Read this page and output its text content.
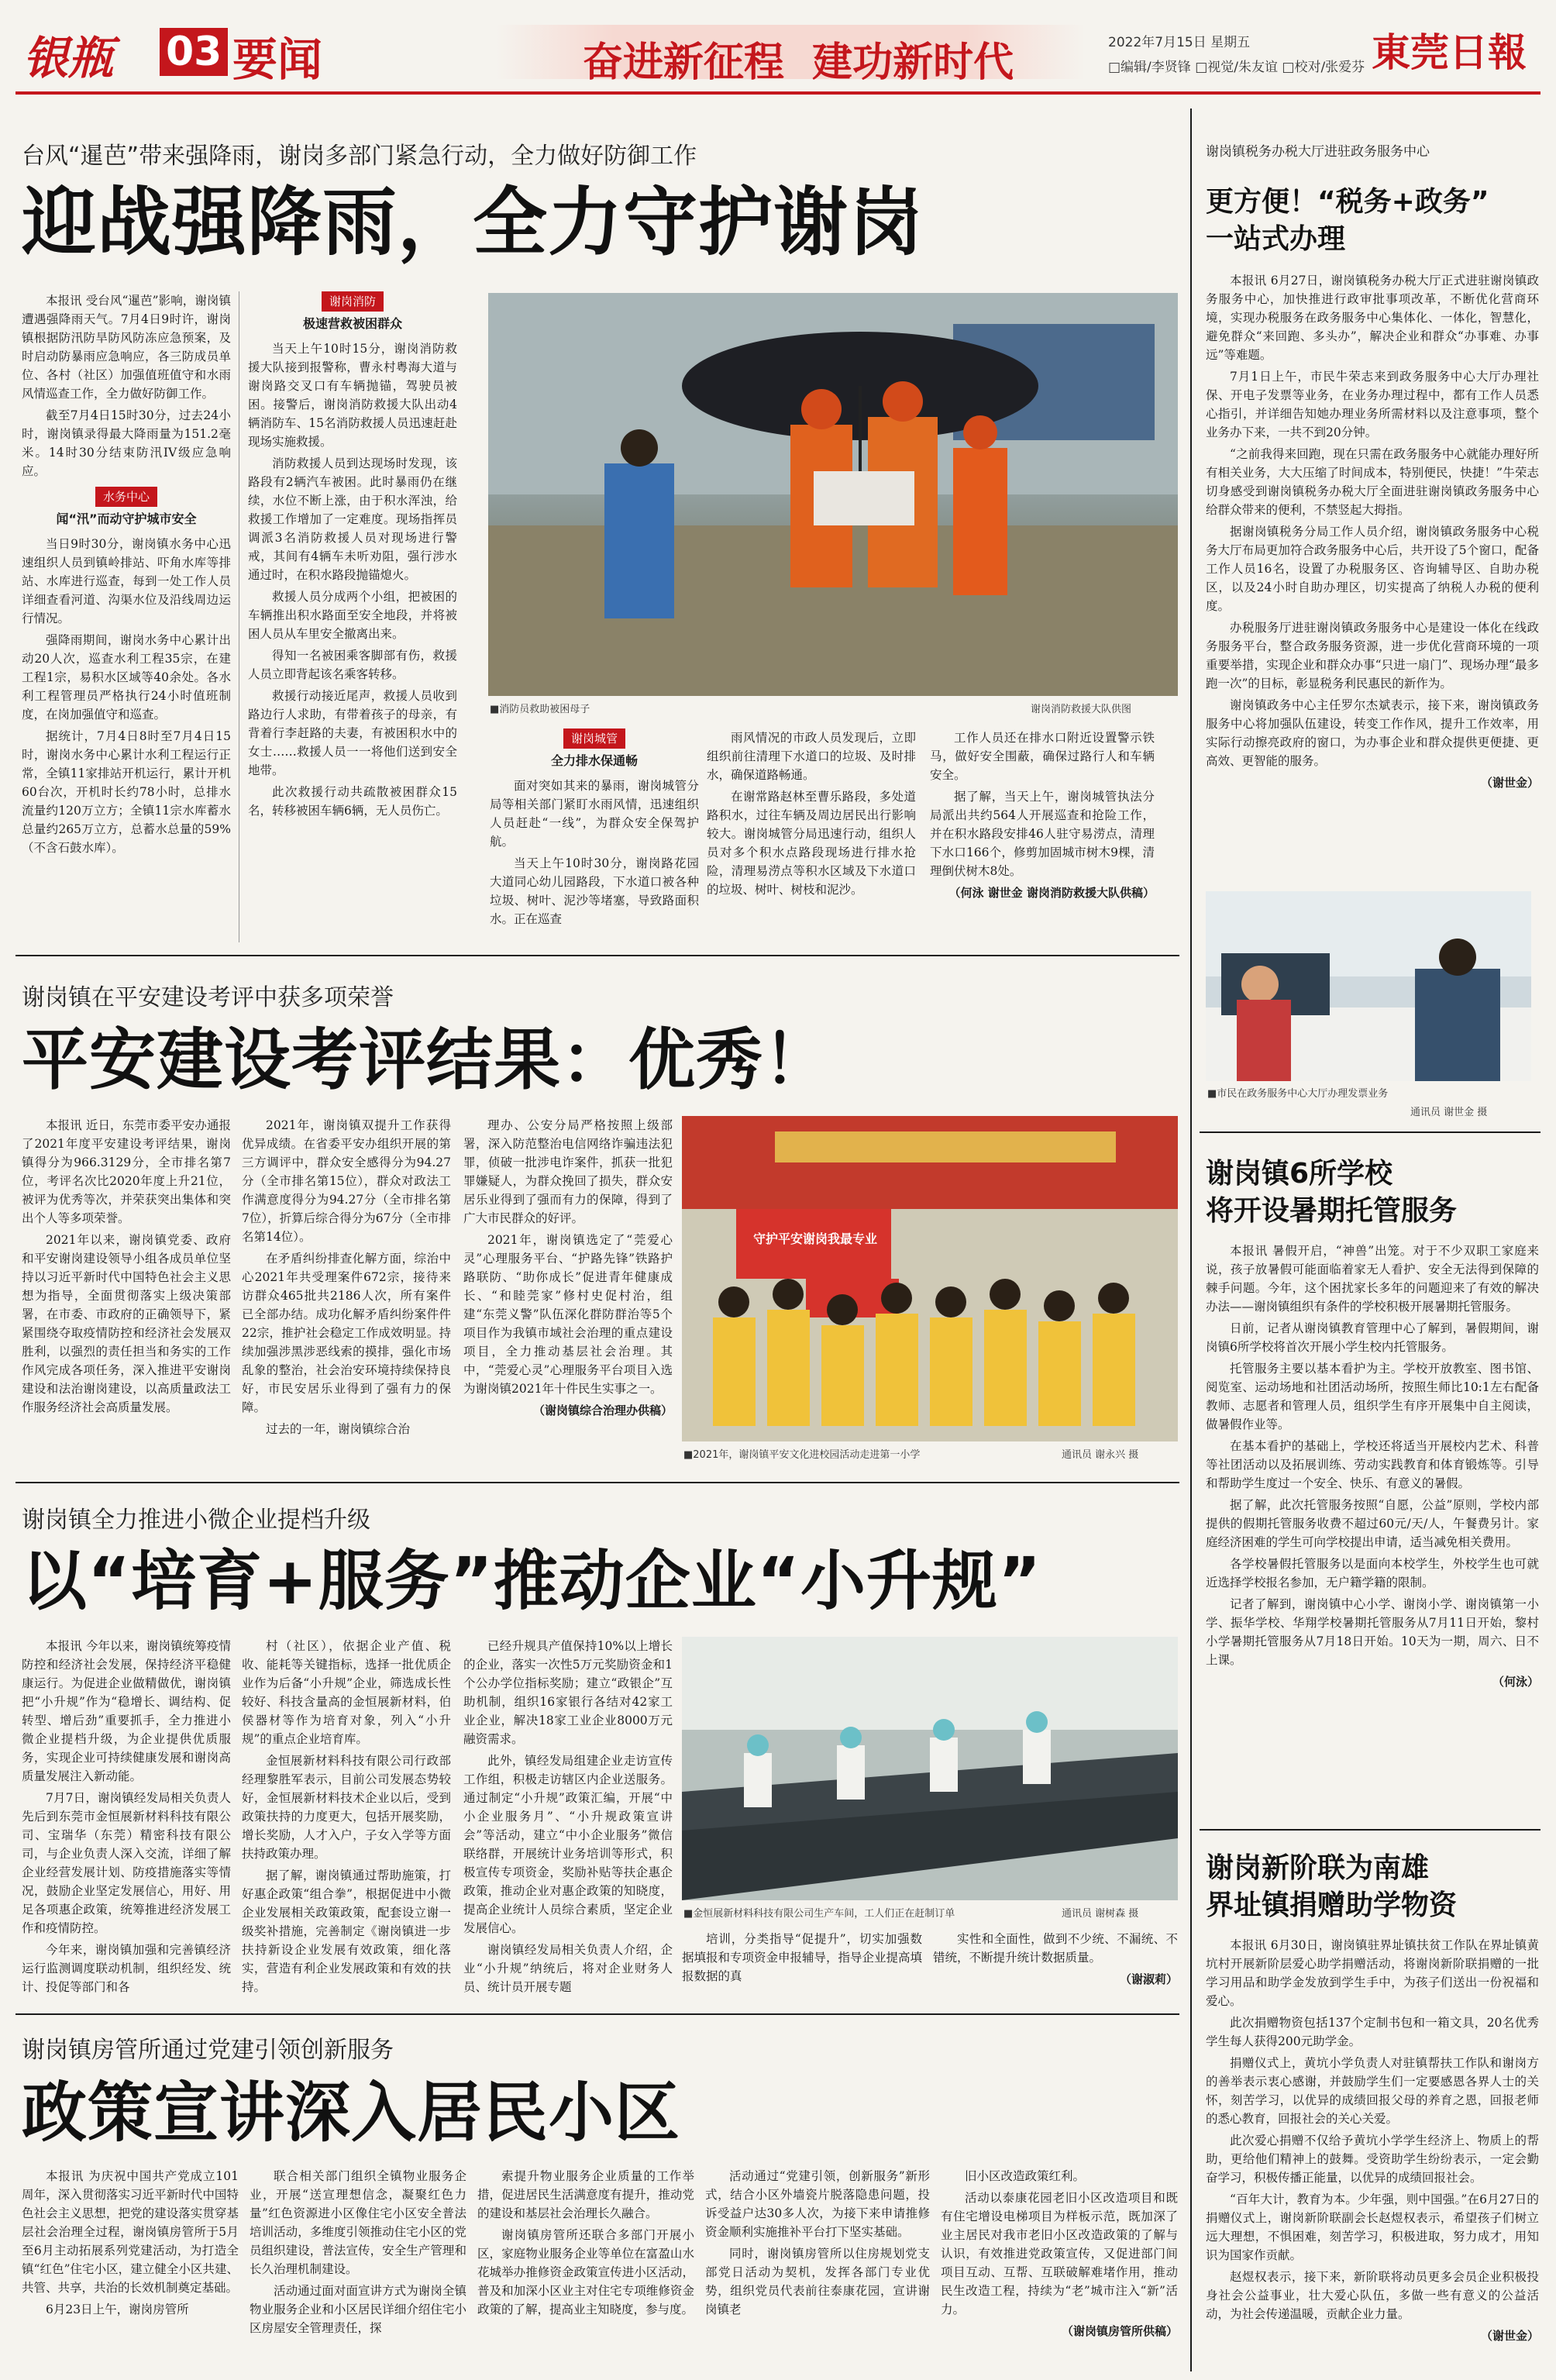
银瓶 03 要闻	奋进新征程  建功新时代	2022年7月15日 星期五
□编辑/李贤锋 □视觉/朱友谊 □校对/张爱芬 東莞日報
台风“暹芭”带来强降雨，谢岗多部门紧急行动，全力做好防御工作
迎战强降雨，全力守护谢岗

本报讯 受台风“暹芭”影响，谢岗镇遭遇强降雨天气。7月4日9时许，谢岗镇根据防汛防旱防风防冻应急预案，及时启动防暴雨应急响应，各三防成员单位、各村（社区）加强值班值守和水雨风情巡查工作，全力做好防御工作。

截至7月4日15时30分，过去24小时，谢岗镇录得最大降雨量为151.2毫米。14时30分结束防汛IV级应急响应。

水务中心
闻“汛”而动守护城市安全

当日9时30分，谢岗镇水务中心迅速组织人员到镇岭排站、吓角水库等排站、水库进行巡查，每到一处工作人员详细查看河道、沟渠水位及沿线周边运行情况。

强降雨期间，谢岗水务中心累计出动20人次，巡查水利工程35宗，在建工程1宗，易积水区域等40余处。各水利工程管理员严格执行24小时值班制度，在岗加强值守和巡查。

据统计，7月4日8时至7月4日15时，谢岗水务中心累计水利工程运行正常，全镇11家排站开机运行，累计开机60台次，开机时长约78小时，总排水流量约120万立方；全镇11宗水库蓄水总量约265万立方，总蓄水总量的59%（不含石鼓水库）。

谢岗消防
极速营救被困群众

当天上午10时15分，谢岗消防救援大队接到报警称，曹永村粤海大道与谢岗路交叉口有车辆抛锚，驾驶员被困。接警后，谢岗消防救援大队出动4辆消防车、15名消防救援人员迅速赶赴现场实施救援。

消防救援人员到达现场时发现，该路段有2辆汽车被困。此时暴雨仍在继续，水位不断上涨，由于积水浑浊，给救援工作增加了一定难度。现场指挥员调派3名消防救援人员对现场进行警戒，其间有4辆车未听劝阻，强行涉水通过时，在积水路段抛锚熄火。

救援人员分成两个小组，把被困的车辆推出积水路面至安全地段，并将被困人员从车里安全撤离出来。

得知一名被困乘客脚部有伤，救援人员立即背起该名乘客转移。

救援行动接近尾声，救援人员收到路边行人求助，有带着孩子的母亲，有背着行李赶路的夫妻，有被困积水中的女士……救援人员一一将他们送到安全地带。

此次救援行动共疏散被困群众15名，转移被困车辆6辆，无人员伤亡。

■消防员救助被困母子	谢岗消防救援大队供图
谢岗城管
全力排水保通畅

面对突如其来的暴雨，谢岗城管分局等相关部门紧盯水雨风情，迅速组织人员赶赴“一线”，为群众安全保驾护航。

当天上午10时30分，谢岗路花园大道同心幼儿园路段，下水道口被各种垃圾、树叶、泥沙等堵塞，导致路面积水。正在巡查

雨风情况的市政人员发现后，立即组织前往清理下水道口的垃圾、及时排水，确保道路畅通。

在谢常路赵林至曹乐路段，多处道路积水，过往车辆及周边居民出行影响较大。谢岗城管分局迅速行动，组织人员对多个积水点路段现场进行排水抢险，清理易涝点等积水区域及下水道口的垃圾、树叶、树枝和泥沙。

工作人员还在排水口附近设置警示铁马，做好安全围蔽，确保过路行人和车辆安全。

据了解，当天上午，谢岗城管执法分局派出共约564人开展巡查和抢险工作，并在积水路段安排46人驻守易涝点，清理下水口166个，修剪加固城市树木9棵，清理倒伏树木8处。

（何泳 谢世金 谢岗消防救援大队供稿）
谢岗镇在平安建设考评中获多项荣誉
平安建设考评结果：优秀！

本报讯 近日，东莞市委平安办通报了2021年度平安建设考评结果，谢岗镇得分为966.3129分，全市排名第7位，考评名次比2020年度上升21位，被评为优秀等次，并荣获突出集体和突出个人等多项荣誉。

2021年以来，谢岗镇党委、政府和平安谢岗建设领导小组各成员单位坚持以习近平新时代中国特色社会主义思想为指导，全面贯彻落实上级决策部署，在市委、市政府的正确领导下，紧紧围绕夺取疫情防控和经济社会发展双胜利，以强烈的责任担当和务实的工作作风完成各项任务，深入推进平安谢岗建设和法治谢岗建设，以高质量政法工作服务经济社会高质量发展。

2021年，谢岗镇双提升工作获得优异成绩。在省委平安办组织开展的第三方调评中，群众安全感得分为94.27分（全市排名第15位），群众对政法工作满意度得分为94.27分（全市排名第7位），折算后综合得分为67分（全市排名第14位）。

在矛盾纠纷排查化解方面，综治中心2021年共受理案件672宗，接待来访群众465批共2186人次，所有案件已全部办结。成功化解矛盾纠纷案件件22宗，推护社会稳定工作成效明显。持续加强涉黑涉恶线索的摸排，强化市场乱象的整治，社会治安环境持续保持良好，市民安居乐业得到了强有力的保障。

过去的一年，谢岗镇综合治

理办、公安分局严格按照上级部署，深入防范整治电信网络诈骗违法犯罪，侦破一批涉电诈案件，抓获一批犯罪嫌疑人，为群众挽回了损失，群众安居乐业得到了强而有力的保障，得到了广大市民群众的好评。

2021年，谢岗镇选定了“莞爱心灵”心理服务平台、“护路先锋”铁路护路联防、“助你成长”促进青年健康成长、“和睦莞家”修村史促村治，组建“东莞义警”队伍深化群防群治等5个项目作为我镇市域社会治理的重点建设项目，全力推动基层社会治理。其中，“莞爱心灵”心理服务平台项目入选为谢岗镇2021年十件民生实事之一。

（谢岗镇综合治理办供稿）
守护平安谢岗我最专业
■2021年，谢岗镇平安文化进校园活动走进第一小学	通讯员 谢永兴 摄
谢岗镇全力推进小微企业提档升级
以“培育+服务”推动企业“小升规”

本报讯 今年以来，谢岗镇统筹疫情防控和经济社会发展，保持经济平稳健康运行。为促进企业做精做优，谢岗镇把“小升规”作为“稳增长、调结构、促转型、增后劲”重要抓手，全力推进小微企业提档升级，为企业提供优质服务，实现企业可持续健康发展和谢岗高质量发展注入新动能。

7月7日，谢岗镇经发局相关负责人先后到东莞市金恒展新材料科技有限公司、宝瑞华（东莞）精密科技有限公司，与企业负责人深入交流，详细了解企业经营发展计划、防疫措施落实等情况，鼓励企业坚定发展信心，用好、用足各项惠企政策，统筹推进经济发展工作和疫情防控。

今年来，谢岗镇加强和完善镇经济运行监测调度联动机制，组织经发、统计、投促等部门和各

村（社区），依据企业产值、税收、能耗等关键指标，选择一批优质企业作为后备“小升规”企业，筛选成长性较好、科技含量高的金恒展新材料，伯侯器材等作为培育对象，列入“小升规”的重点企业培育库。

金恒展新材料科技有限公司行政部经理黎胜军表示，目前公司发展态势较好，金恒展新材料技术企业以后，受到政策扶持的力度更大，包括开展奖励，增长奖励，人才入户，子女入学等方面扶持政策办理。

据了解，谢岗镇通过帮助施策，打好惠企政策“组合拳”，根据促进中小微企业发展相关政策政策，配套设立谢一级奖补措施，完善制定《谢岗镇进一步扶持新设企业发展有效政策，细化落实，营造有利企业发展政策和有效的扶持。

已经升规具产值保持10%以上增长的企业，落实一次性5万元奖励资金和1个公办学位指标奖励；建立“政银企”互助机制，组织16家银行各结对42家工业企业，解决18家工业企业8000万元融资需求。

此外，镇经发局组建企业走访宣传工作组，积极走访辖区内企业送服务。通过制定“小升规”政策汇编，开展“中小企业服务月”、“小升规政策宣讲会”等活动，建立“中小企业服务”微信联络群，开展统计业务培训等形式，积极宣传专项资金，奖励补贴等扶企惠企政策，推动企业对惠企政策的知晓度，提高企业统计人员综合素质，坚定企业发展信心。

谢岗镇经发局相关负责人介绍，企业“小升规”纳统后，将对企业财务人员、统计员开展专题

■金恒展新材料科技有限公司生产车间，工人们正在赶制订单	通讯员 谢树森 摄

培训，分类指导“促提升”，切实加强数据填报和专项资金申报辅导，指导企业提高填报数据的真

实性和全面性，做到不少统、不漏统、不错统，不断提升统计数据质量。

（谢淑莉）
谢岗镇房管所通过党建引领创新服务
政策宣讲深入居民小区

本报讯 为庆祝中国共产党成立101周年，深入贯彻落实习近平新时代中国特色社会主义思想，把党的建设落实贯穿基层社会治理全过程，谢岗镇房管所于5月至6月主动拓展系列党建活动，为打造全镇“红色”住宅小区，建立健全小区共建、共管、共享，共治的长效机制奠定基础。

6月23日上午，谢岗房管所

联合相关部门组织全镇物业服务企业，开展“送宣理想信念，凝聚红色力量”红色资源进小区像住宅小区安全普法培训活动，多维度引领推动住宅小区的党员组织建设，普法宣传，安全生产管理和长久治理机制建设。

活动通过面对面宣讲方式为谢岗全镇物业服务企业和小区居民详细介绍住宅小区房屋安全管理责任，探

索提升物业服务企业质量的工作举措，促进居民生活满意度有提升，推动党的建设和基层社会治理长久融合。

谢岗镇房管所还联合多部门开展小区，家庭物业服务企业等单位在富盈山水花城举办推修资金政策宣传进小区活动，普及和加深小区业主对住宅专项维修资金政策的了解，提高业主知晓度，参与度。

活动通过“党建引领，创新服务”新形式，结合小区外墙瓷片脱落隐患问题，投诉受益户达30多人次，为接下来申请推修资金顺利实施推补平台打下坚实基础。

同时，谢岗镇房管所以住房规划党支部党日活动为契机，发挥各部门专业优势，组织党员代表前往泰康花园，宣讲谢岗镇老

旧小区改造政策红利。

活动以泰康花园老旧小区改造项目和既有住宅增设电梯项目为样板示范，既加深了业主居民对我市老旧小区改造政策的了解与认识，有效推进党政策宣传，又促进部门间项目互动、互帮、互联破解难堵作用，推动民生改造工程，持续为“老”城市注入“新”活力。

（谢岗镇房管所供稿）
谢岗镇税务办税大厅进驻政务服务中心
更方便！“税务+政务”
一站式办理

本报讯 6月27日，谢岗镇税务办税大厅正式进驻谢岗镇政务服务中心，加快推进行政审批事项改革，不断优化营商环境，实现办税服务在政务服务中心集体化、一体化，智慧化，避免群众“来回跑、多头办”，解决企业和群众“办事难、办事远”等难题。

7月1日上午，市民牛荣志来到政务服务中心大厅办理社保、开电子发票等业务，在业务办理过程中，都有工作人员悉心指引，并详细告知她办理业务所需材料以及注意事项，整个业务办下来，一共不到20分钟。

“之前我得来回跑，现在只需在政务服务中心就能办理好所有相关业务，大大压缩了时间成本，特别便民，快捷！”牛荣志切身感受到谢岗镇税务办税大厅全面进驻谢岗镇政务服务中心给群众带来的便利，不禁竖起大拇指。

据谢岗镇税务分局工作人员介绍，谢岗镇政务服务中心税务大厅布局更加符合政务服务中心后，共开设了5个窗口，配备工作人员16名，设置了办税服务区、咨询辅导区、自助办税区，以及24小时自助办理区，切实提高了纳税人办税的便利度。

办税服务厅进驻谢岗镇政务服务中心是建设一体化在线政务服务平台，整合政务服务资源，进一步优化营商环境的一项重要举措，实现企业和群众办事“只进一扇门”、现场办理“最多跑一次”的目标，彰显税务利民惠民的新作为。

谢岗镇政务中心主任罗尔杰斌表示，接下来，谢岗镇政务服务中心将加强队伍建设，转变工作作风，提升工作效率，用实际行动擦亮政府的窗口，为办事企业和群众提供更便捷、更高效、更智能的服务。

（谢世金）
■市民在政务服务中心大厅办理发票业务
通讯员 谢世金 摄
谢岗镇6所学校
将开设暑期托管服务

本报讯 暑假开启，“神兽”出笼。对于不少双职工家庭来说，孩子放暑假可能面临着家无人看护、安全无法得到保障的棘手问题。今年，这个困扰家长多年的问题迎来了有效的解决办法——谢岗镇组织有条件的学校积极开展暑期托管服务。

日前，记者从谢岗镇教育管理中心了解到，暑假期间，谢岗镇6所学校将首次开展小学生校内托管服务。

托管服务主要以基本看护为主。学校开放教室、图书馆、阅览室、运动场地和社团活动场所，按照生师比10:1左右配备教师、志愿者和管理人员，组织学生有序开展集中自主阅读，做暑假作业等。

在基本看护的基础上，学校还将适当开展校内艺术、科普等社团活动以及拓展训练、劳动实践教育和体育锻炼等。引导和帮助学生度过一个安全、快乐、有意义的暑假。

据了解，此次托管服务按照“自愿，公益”原则，学校内部提供的假期托管服务收费不超过60元/天/人，午餐费另计。家庭经济困难的学生可向学校提出申请，适当减免相关费用。

各学校暑假托管服务以是面向本校学生，外校学生也可就近选择学校报名参加，无户籍学籍的限制。

记者了解到，谢岗镇中心小学、谢岗小学、谢岗镇第一小学、振华学校、华翔学校暑期托管服务从7月11日开始，黎村小学暑期托管服务从7月18日开始。10天为一期，周六、日不上课。

（何泳）
谢岗新阶联为南雄
界址镇捐赠助学物资

本报讯 6月30日，谢岗镇驻界址镇扶贫工作队在界址镇黄坑村开展新阶层爱心助学捐赠活动，将谢岗新阶联捐赠的一批学习用品和助学金发放到学生手中，为孩子们送出一份祝福和爱心。

此次捐赠物资包括137个定制书包和一箱文具，20名优秀学生每人获得200元助学金。

捐赠仪式上，黄坑小学负责人对驻镇帮扶工作队和谢岗方的善举表示衷心感谢，并鼓励学生们一定要感恩各界人士的关怀，刻苦学习，以优异的成绩回报父母的养育之恩，回报老师的悉心教育，回报社会的关心关爱。

此次爱心捐赠不仅给予黄坑小学学生经济上、物质上的帮助，更给他们精神上的鼓舞。受资助学生纷纷表示，一定会勤奋学习，积极传播正能量，以优异的成绩回报社会。

“百年大计，教育为本。少年强，则中国强。”在6月27日的捐赠仪式上，谢岗新阶联副会长赵煜权表示，希望孩子们树立远大理想，不惧困难，刻苦学习，积极进取，努力成才，用知识为国家作贡献。

赵煜权表示，接下来，新阶联将动员更多会员企业积极投身社会公益事业，壮大爱心队伍，多做一些有意义的公益活动，为社会传递温暖，贡献企业力量。

（谢世金）
